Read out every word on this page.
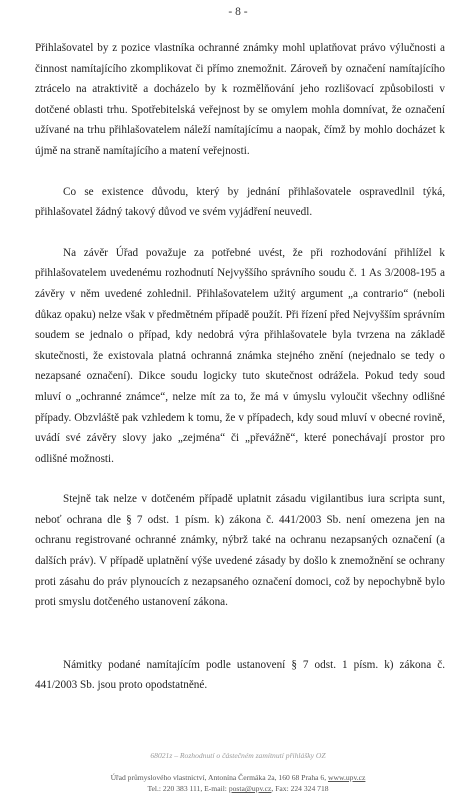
- 8 -

Přihlašovatel by z pozice vlastníka ochranné známky mohl uplatňovat právo výlučnosti a činnost namítajícího zkomplikovat či přímo znemožnit. Zároveň by označení namítajícího ztrácelo na atraktivitě a docházelo by k rozmělňování jeho rozlišovací způsobilosti v dotčené oblasti trhu. Spotřebitelská veřejnost by se omylem mohla domnívat, že označení užívané na trhu přihlašovatelem náleží namítajícímu a naopak, čímž by mohlo docházet k újmě na straně namítajícího a matení veřejnosti.

Co se existence důvodu, který by jednání přihlašovatele ospravedlnil týká, přihlašovatel žádný takový důvod ve svém vyjádření neuvedl.

Na závěr Úřad považuje za potřebné uvést, že při rozhodování přihlížel k přihlašovatelem uvedenému rozhodnutí Nejvyššího správního soudu č. 1 As 3/2008-195 a závěry v něm uvedené zohlednil. Přihlašovatelem užitý argument „a contrario“ (neboli důkaz opaku) nelze však v předmětném případě použít. Při řízení před Nejvyšším správním soudem se jednalo o případ, kdy nedobrá výra přihlašovatele byla tvrzena na základě skutečnosti, že existovala platná ochranná známka stejného znění (nejednalo se tedy o nezapsané označení). Dikce soudu logicky tuto skutečnost odrážela. Pokud tedy soud mluví o „ochranné známce“, nelze mít za to, že má v úmyslu vyloučit všechny odlišné případy. Obzvláště pak vzhledem k tomu, že v případech, kdy soud mluví v obecné rovině, uvádí své závěry slovy jako „zejména“ či „převážně“, které ponechávají prostor pro odlišné možnosti.

Stejně tak nelze v dotčeném případě uplatnit zásadu vigilantibus iura scripta sunt, neboť ochrana dle § 7 odst. 1 písm. k) zákona č. 441/2003 Sb. není omezena jen na ochranu registrované ochranné známky, nýbrž také na ochranu nezapsaných označení (a dalších práv). V případě uplatnění výše uvedené zásady by došlo k znemožnění se ochrany proti zásahu do práv plynoucích z nezapsaného označení domoci, což by nepochybně bylo proti smyslu dotčeného ustanovení zákona.

Námitky podané namítajícím podle ustanovení § 7 odst. 1 písm. k) zákona č. 441/2003 Sb. jsou proto opodstatněné.

68021z – Rozhodnutí o částečném zamítnutí přihlášky OZ
Úřad průmyslového vlastnictví, Antonína Čermáka 2a, 160 68 Praha 6, www.upv.cz
Tel.: 220 383 111, E-mail: posta@upv.cz, Fax: 224 324 718
